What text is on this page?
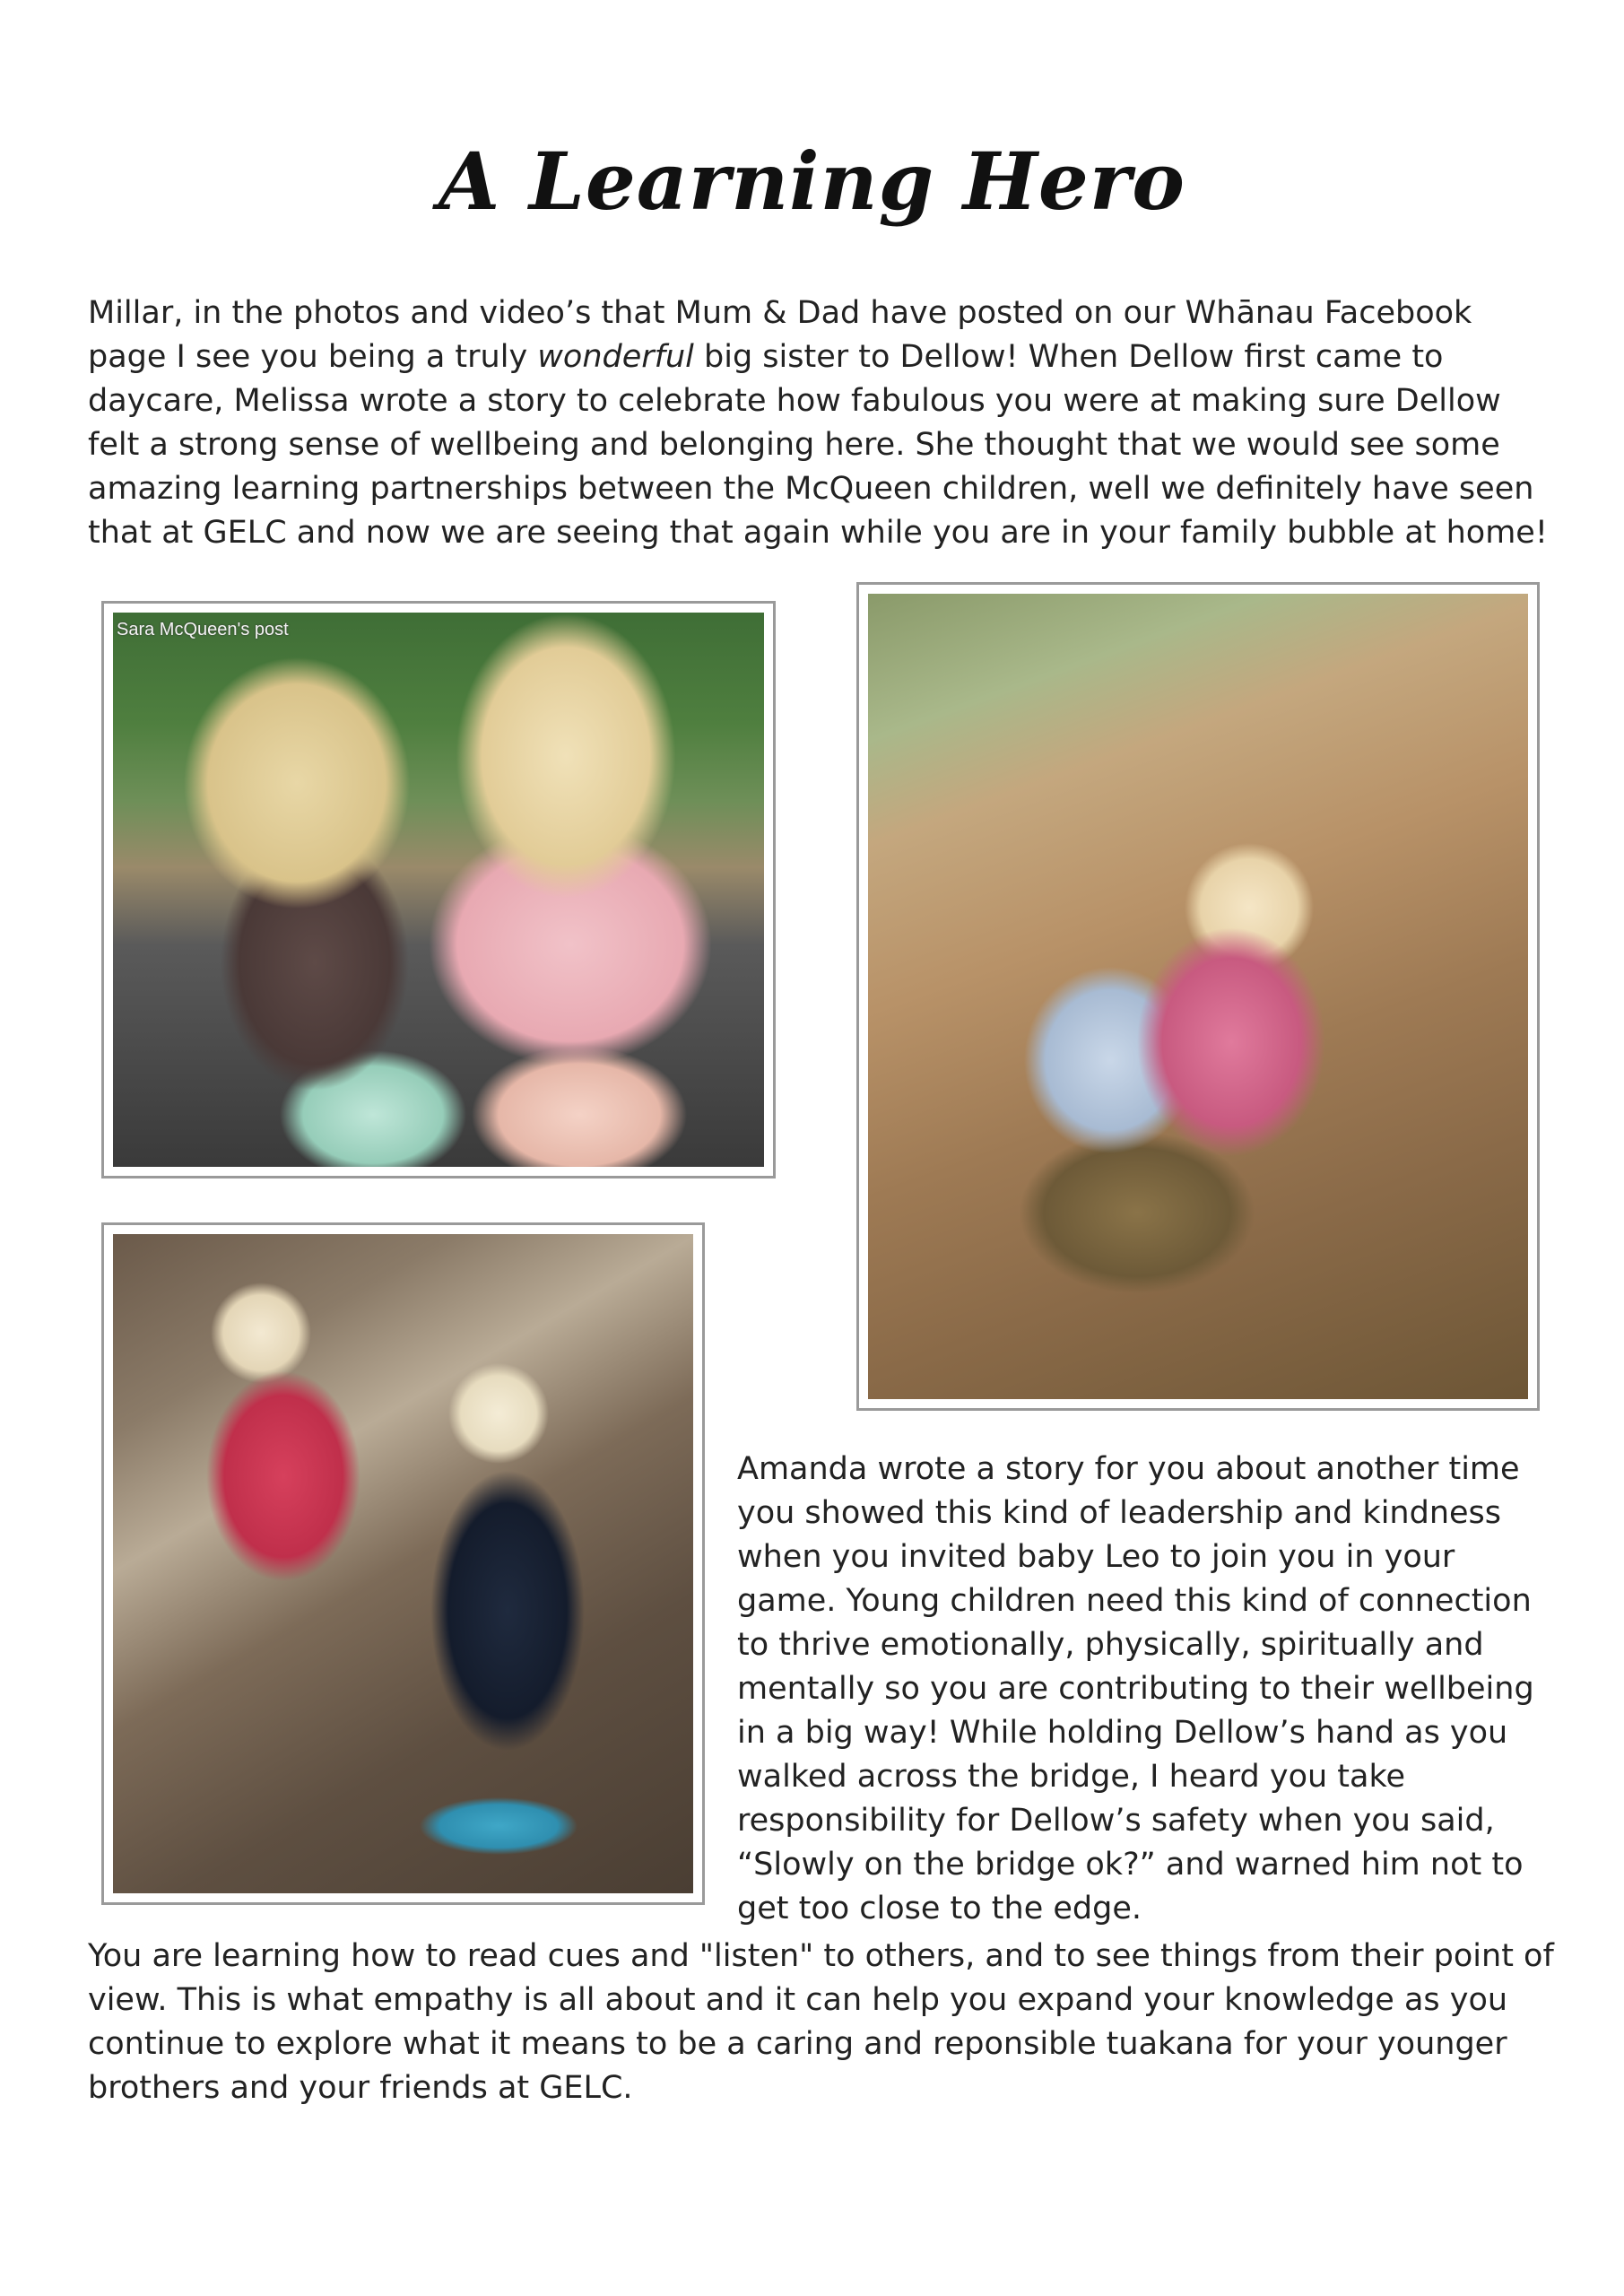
A Learning Hero

Millar, in the photos and video’s that Mum & Dad have posted on our Whānau Facebook page I see you being a truly wonderful big sister to Dellow! When Dellow first came to daycare, Melissa wrote a story to celebrate how fabulous you were at making sure Dellow felt a strong sense of wellbeing and belonging here. She thought that we would see some amazing learning partnerships between the McQueen children, well we definitely have seen that at GELC and now we are seeing that again while you are in your family bubble at home!

Sara McQueen's post

Amanda wrote a story for you about another time you showed this kind of leadership and kindness when you invited baby Leo to join you in your game. Young children need this kind of connection to thrive emotionally, physically, spiritually and mentally so you are contributing to their wellbeing in a big way! While holding Dellow’s hand as you walked across the bridge, I heard you take responsibility for Dellow’s safety when you said, “Slowly on the bridge ok?” and warned him not to get too close to the edge.

You are learning how to read cues and "listen" to others, and to see things from their point of view. This is what empathy is all about and it can help you expand your knowledge as you continue to explore what it means to be a caring and reponsible tuakana for your younger brothers and your friends at GELC.
